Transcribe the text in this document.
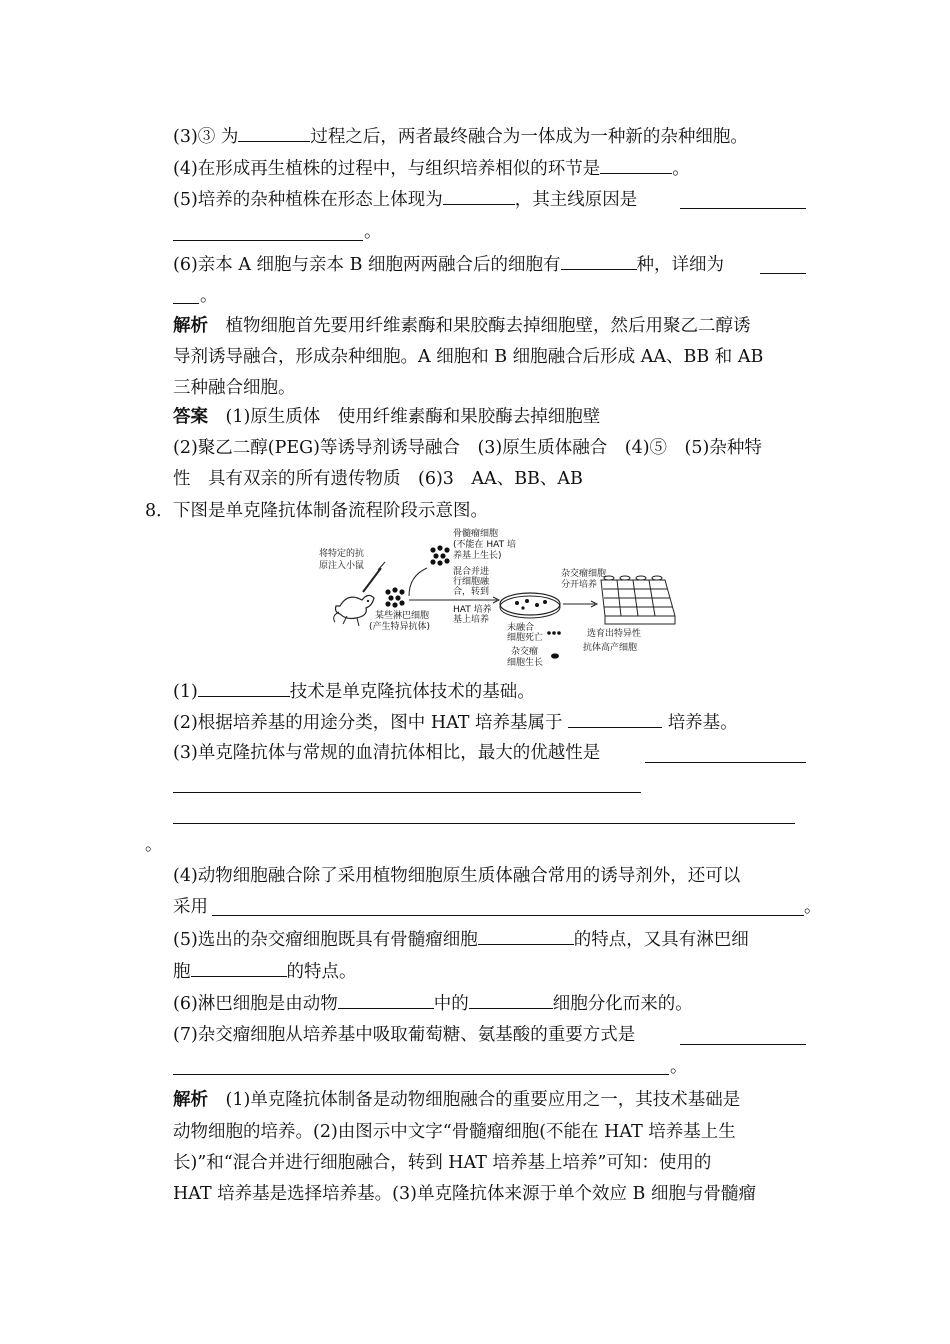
(3)③ 为	过程之后，两者最终融合为一体成为一种新的杂种细胞。
(4)在形成再生植株的过程中，与组织培养相似的环节是	。
(5)培养的杂种植株在形态上体现为	，其主线原因是
。
(6)亲本 A 细胞与亲本 B 细胞两两融合后的细胞有	种，详细为
。
解析　 植物细胞首先要用纤维素酶和果胶酶去掉细胞壁，然后用聚乙二醇诱
导剂诱导融合，形成杂种细胞。A 细胞和 B 细胞融合后形成 AA、BB 和 AB
三种融合细胞。
答案　 (1)原生质体　使用纤维素酶和果胶酶去掉细胞壁
(2)聚乙二醇(PEG)等诱导剂诱导融合　(3)原生质体融合　(4)⑤　(5)杂种特
性　具有双亲的所有遗传物质　(6)3　AA、BB、AB
8． 下图是单克隆抗体制备流程阶段示意图。
将特定的抗
原注入小鼠
某些淋巴细胞
(产生特异抗体)
骨髓瘤细胞
(不能在 HAT 培
养基上生长)
混合并进
行细胞融
合，转到
HAT 培养
基上培养
杂交瘤细胞
分开培养
选育出特异性
抗体高产细胞
未融合
细胞死亡
杂交瘤
细胞生长
(1)	技术是单克隆抗体技术的基础。
(2)根据培养基的用途分类，图中 HAT 培养基属于	培养基。
(3)单克隆抗体与常规的血清抗体相比，最大的优越性是
。
(4)动物细胞融合除了采用植物细胞原生质体融合常用的诱导剂外，还可以
采用	。
(5)选出的杂交瘤细胞既具有骨髓瘤细胞	的特点，又具有淋巴细
胞	的特点。
(6)淋巴细胞是由动物	中的	细胞分化而来的。
(7)杂交瘤细胞从培养基中吸取葡萄糖、氨基酸的重要方式是
。
解析　 (1)单克隆抗体制备是动物细胞融合的重要应用之一，其技术基础是
动物细胞的培养。(2)由图示中文字“骨髓瘤细胞(不能在 HAT 培养基上生
长)”和“混合并进行细胞融合，转到 HAT 培养基上培养”可知：使用的
HAT 培养基是选择培养基。(3)单克隆抗体来源于单个效应 B 细胞与骨髓瘤
